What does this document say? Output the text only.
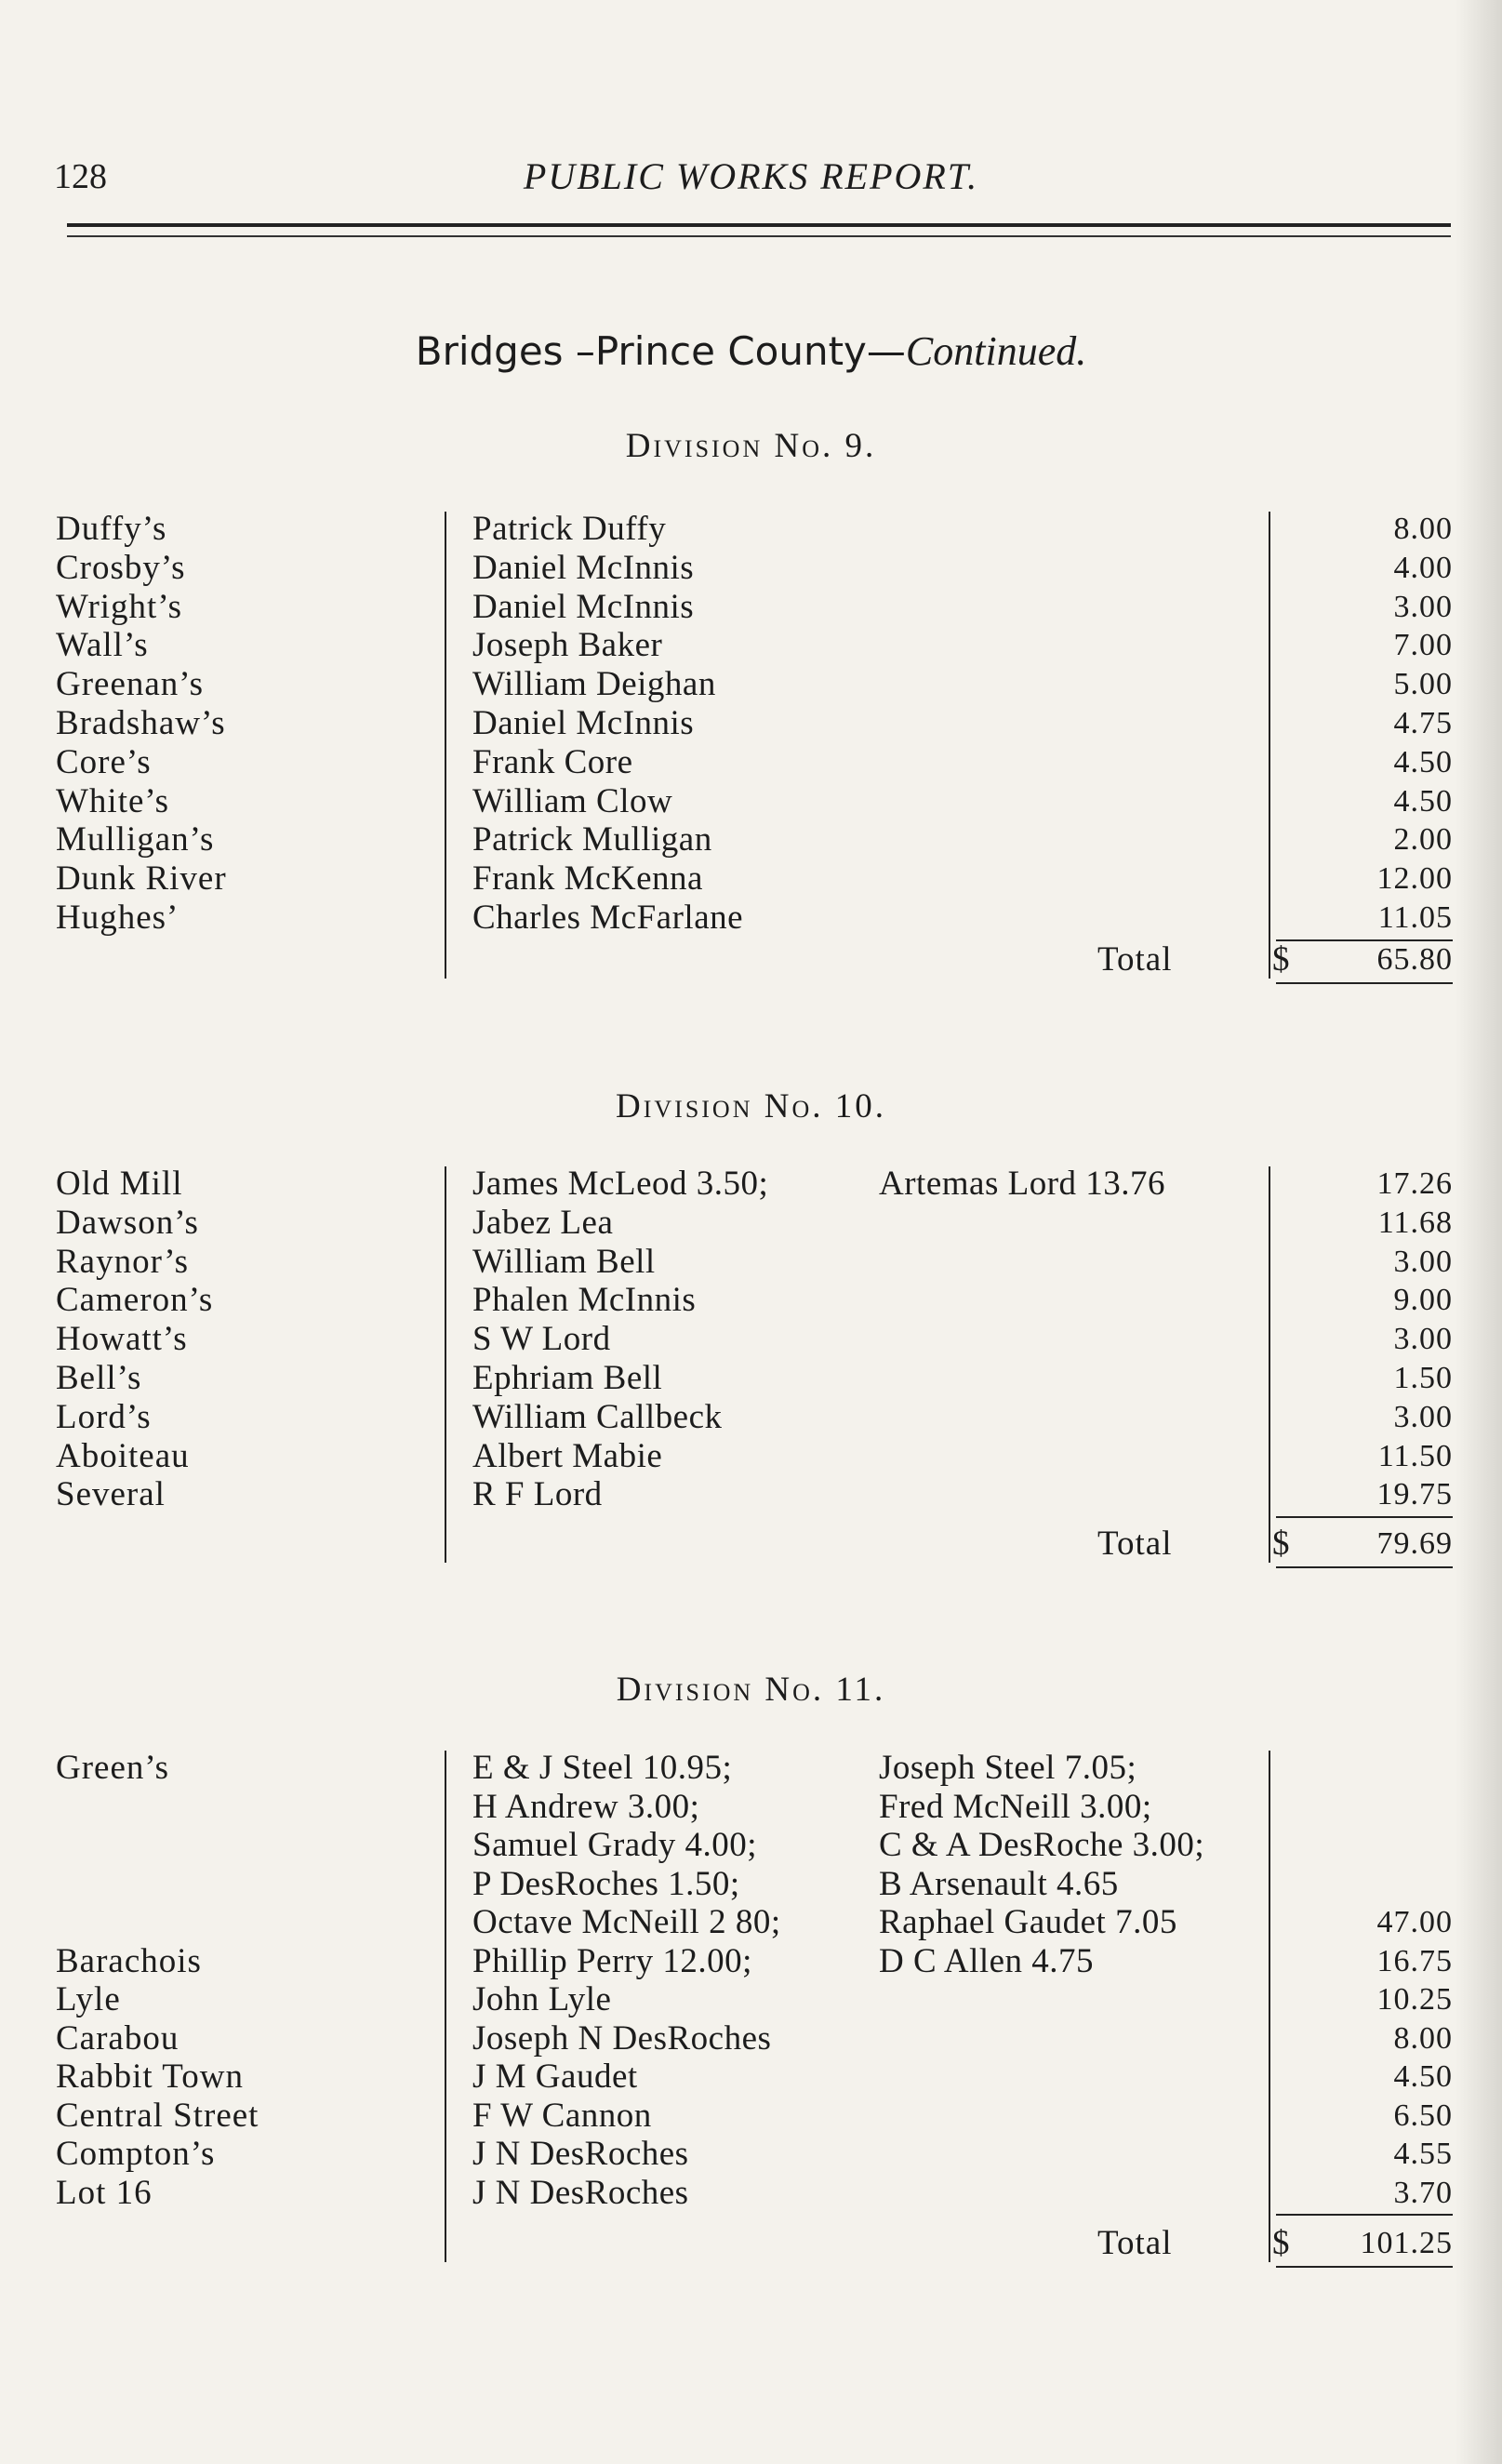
128	PUBLIC WORKS REPORT.
Bridges –Prince County—Continued.
Division No. 9.
Duffy’s	Patrick Duffy	8.00
Crosby’s	Daniel McInnis	4.00
Wright’s	Daniel McInnis	3.00
Wall’s	Joseph Baker	7.00
Greenan’s	William Deighan	5.00
Bradshaw’s	Daniel McInnis	4.75
Core’s	Frank Core	4.50
White’s	William Clow	4.50
Mulligan’s	Patrick Mulligan	2.00
Dunk River	Frank McKenna	12.00
Hughes’	Charles McFarlane	11.05
Total	$	65.80
Division No. 10.
Old Mill	James McLeod 3.50;	Artemas Lord 13.76	17.26
Dawson’s	Jabez Lea	11.68
Raynor’s	William Bell	3.00
Cameron’s	Phalen McInnis	9.00
Howatt’s	S W Lord	3.00
Bell’s	Ephriam Bell	1.50
Lord’s	William Callbeck	3.00
Aboiteau	Albert Mabie	11.50
Several	R F Lord	19.75
Total	$	79.69
Division No. 11.
Green’s	E & J Steel 10.95;	Joseph Steel 7.05;
H Andrew 3.00;	Fred McNeill 3.00;
Samuel Grady 4.00;	C & A DesRoche 3.00;
P DesRoches 1.50;	B Arsenault 4.65
Octave McNeill 2 80;	Raphael Gaudet 7.05	47.00
Barachois	Phillip Perry 12.00;	D C Allen 4.75	16.75
Lyle	John Lyle	10.25
Carabou	Joseph N DesRoches	8.00
Rabbit Town	J M Gaudet	4.50
Central Street	F W Cannon	6.50
Compton’s	J N DesRoches	4.55
Lot 16	J N DesRoches	3.70
Total	$ 101.25
